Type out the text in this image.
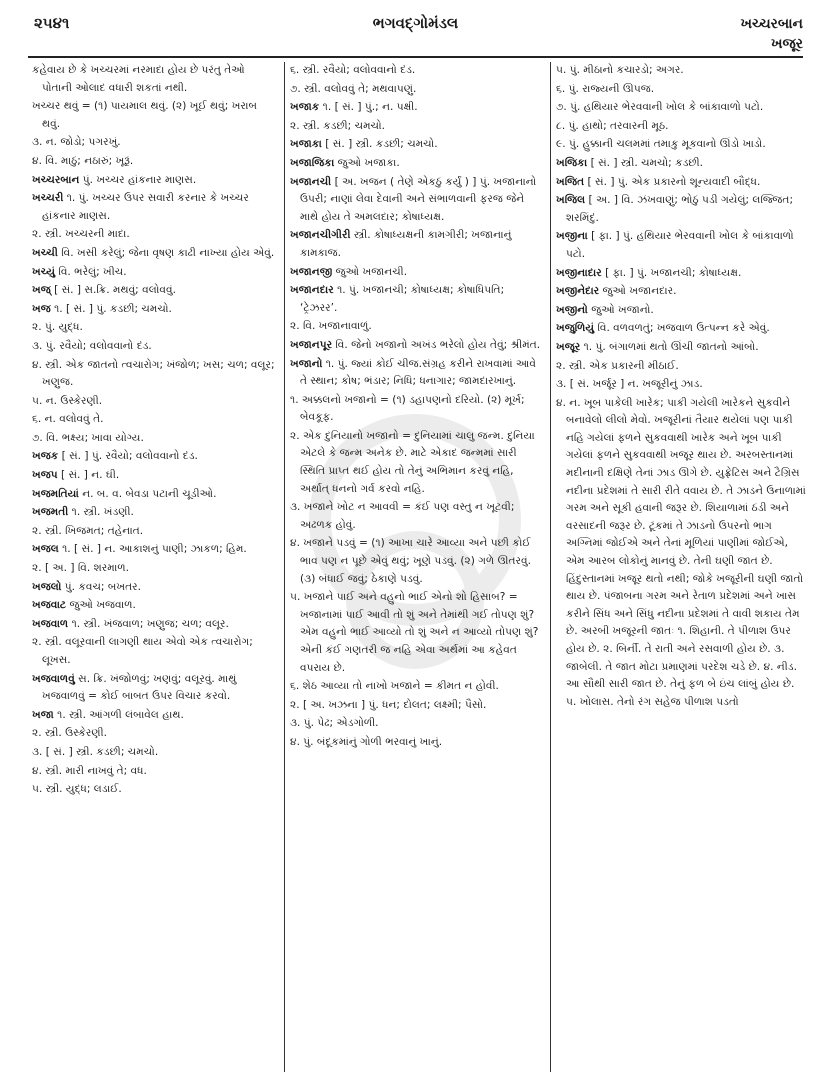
૨૫૪૧	ભગવદ્ગોમંડલ	ખચ્ચરબાન
ખજૂર
કહેવાય છે કે ખચ્ચરમાં નરમાદા હોય છે પરંતુ તેઓ પોતાની ઓલાદ વધારી શકતાં નથી.
ખચ્ચર થવું = (૧) પાયમાલ થવું. (૨) ખૂઈ થવું; ખરાબ થવું.
૩. ન. જોડો; પગરખું.
૪. વિ. માઠું; નઠારું; ખૂરૂં.
ખચ્ચરબાન પું. ખચ્ચર હાંકનાર માણસ.
ખચ્ચરી ૧. પું. ખચ્ચર ઉપર સવારી કરનાર કે ખચ્ચર હાંકનાર માણસ.
૨. સ્ત્રી. ખચ્ચરની માદા.
ખચ્ચી વિ. ખસી કરેલું; જેના વૃષણ કાઢી નાખ્યા હોય એવું.
ખચ્યું વિ. ભરેલું; ખીચ.
ખજ્ [ સં. ] સ.ક્રિ. મથવું; વલોવવું.
ખજ ૧. [ સં. ] પું. કડછી; ચમચો.
૨. પું. યુદ્ધ.
૩. પું. રવૈયો; વલોવવાનો દંડ.
૪. સ્ત્રી. એક જાતનો ત્વચારોગ; ખંજોળ; ખસ; ચળ; વલૂર; ખણુજ.
૫. ન. ઉસ્કેરણી.
૬. ન. વલોવવું તે.
૭. વિ. ભક્ષ્ય; ખાવા યોગ્ય.
ખજક [ સં. ] પું. રવૈયો; વલોવવાનો દંડ.
ખજપ [ સં. ] ન. ઘી.
ખજમતિયાં ન. બ. વ. બેવડા પટાની ચૂડીઓ.
ખજમતી ૧. સ્ત્રી. ખંડણી.
૨. સ્ત્રી. ખિજમત; તહેનાત.
ખજલ ૧. [ સં. ] ન. આકાશનું પાણી; ઝાકળ; હિમ.
૨. [ અ. ] વિ. શરમાળ.
ખજલો પું. કવચ; બખતર.
ખજવાટ જુઓ ખજવાળ.
ખજવાળ ૧. સ્ત્રી. ખંજવાળ; ખણુજ; ચળ; વલૂર.
૨. સ્ત્રી. વલૂરવાની લાગણી થાય એવો એક ત્વચારોગ; લૂખસ.
ખજવાળવું સ. ક્રિ. ખંજોળવું; ખણવું; વલૂરવું. માથું ખજવાળવું = કોઈ બાબત ઉપર વિચાર કરવો.
ખજા ૧. સ્ત્રી. આંગળી લંબાવેલ હાથ.
૨. સ્ત્રી. ઉસ્કેરણી.
૩. [ સં. ] સ્ત્રી. કડછી; ચમચો.
૪. સ્ત્રી. મારી નાખવું તે; વધ.
૫. સ્ત્રી. યુદ્ધ; લડાઈ.
૬. સ્ત્રી. રવૈયો; વલોવવાનો દંડ.
૭. સ્ત્રી. વલોવવું તે; મથવાપણું.
ખજાક ૧. [ સં. ] પું.; ન. પક્ષી.
૨. સ્ત્રી. કડછી; ચમચો.
ખજાકા [ સં. ] સ્ત્રી. કડછી; ચમચો.
ખજાજિકા જુઓ ખજાકા.
ખજાનચી [ અ. ખજન ( તેણે એકઠું કર્યું ) ] પું. ખજાનાનો ઉપરી; નાણાં લેવા દેવાની અને સંભાળવાની ફરજ જેને માથે હોય તે અમલદાર; કોષાધ્યક્ષ.
ખજાનચીગીરી સ્ત્રી. કોષાધ્યક્ષની કામગીરી; ખજાનાનું કામકાજ.
ખજાનજી જુઓ ખજાનચી.
ખજાનદાર ૧. પું. ખજાનચી; કોષાધ્યક્ષ; કોષાધિપતિ; ‘ટ્રેઝરર’.
૨. વિ. ખજાનાવાળું.
ખજાનપૂર વિ. જેનો ખજાનો અખંડ ભરેલો હોય તેવું; શ્રીમંત.
ખજાનો ૧. પું. જ્યાં કોઈ ચીજ.સંગ્રહ કરીને રાખવામાં આવે તે સ્થાન; કોષ; ભંડાર; નિધિ; ધનાગાર; જામદારખાનું.
૧. અક્કલનો ખજાનો = (૧) ડહાપણનો દરિયો. (૨) મૂર્ખ; બેવકૂફ.
૨. એક દુનિયાનો ખજાનો = દુનિયામાં ચાલુ જન્મ. દુનિયા એટલે કે જન્મ અનેક છે. માટે એકાદ જન્મમાં સારી સ્થિતિ પ્રાપ્ત થઈ હોય તો તેનું અભિમાન કરવું નહિ, અર્થાત્ ધનનો ગર્વ કરવો નહિ.
૩. ખજાને ખોટ ન આવવી = કંઈ પણ વસ્તુ ન ખૂટવી; અઢળક હોવું.
૪. ખજાને પડવું = (૧) આખા ચારે આવ્યા અને પછી કોઈ ભાવ પણ ન પૂછે એવું થવું; ખૂણે પડવું. (૨) ગળે ઊતરવું. (૩) બંધાઈ જવું; ઠેકાણે પડવું.
૫. ખજાને પાઈ અને વહુનો ભાઈ એનો શો હિસાબ? = ખજાનામાં પાઈ આવી તો શું અને તેમાંથી ગઈ તોપણ શું? એમ વહુનો ભાઈ આવ્યો તો શું અને ન આવ્યો તોપણ શું? એની કંઈ ગણતરી જ નહિ એવા અર્થમાં આ કહેવત વપરાય છે.
૬. શેઠ આવ્યા તો નાખો ખજાને = કીમત ન હોવી.
૨. [ અ. ખઝના ] પું. ધન; દોલત; લક્ષ્મી; પૈસો.
૩. પું. પેઢ; એડગોળી.
૪. પું. બંદૂકમાંનું ગોળી ભરવાનું ખાનું.
૫. પું. મીઠાનો કચારડો; અગર.
૬. પું. રાજ્યની ઊપજ.
૭. પું. હથિયાર ભેરવવાની ખોલ કે બાંકાવાળો પટો.
૮. પું. હાથો; તરવારની મૂઠ.
૯. પું. હુક્કાની ચલમમાં તમાકુ મૂકવાનો ઊંડો ખાડો.
ખજિકા [ સં. ] સ્ત્રી. ચમચો; કડછી.
ખજિત [ સં. ] પું. એક પ્રકારનો શૂન્યવાદી બૌદ્ધ.
ખજિલ [ અ. ] વિ. ઝંખવાણું; ભોઠું પડી ગયેલું; લજ્જિત; શરમિંદું.
ખજીના [ ફા. ] પું. હથિયાર ભેરવવાની ખોલ કે બાંકાવાળો પટો.
ખજીનાદાર [ ફા. ] પું. ખજાનચી; કોષાધ્યક્ષ.
ખજીનેદાર જુઓ ખજાનદાર.
ખજીનો જુઓ ખજાનો.
ખજુળિયું વિ. વળવળતું; ખજવાળ ઉત્પન્ન કરે એવું.
ખજૂર ૧. પું. બંગાળમાં થતો ઊંચી જાતનો આંબો.
૨. સ્ત્રી. એક પ્રકારની મીઠાઈ.
૩. [ સં. ખર્જૂર ] ન. ખજૂરીનું ઝાડ.
૪. ન. ખૂબ પાકેલી ખારેક; પાકી ગયેલી ખારેકને સુકવીને બનાવેલો લીલો મેવો. ખજૂરીનાં તૈયાર થયેલાં પણ પાકી નહિ ગયેલાં ફળને સુકવવાથી ખારેક અને ખૂબ પાકી ગયેલાં ફળને સુકવવાથી ખજૂર થાય છે. અરબસ્તાનમાં મદીનાની દક્ષિણે તેનાં ઝાડ ઊગે છે. યુફ્રેટિસ અને ટૈગ્રિસ નદીના પ્રદેશમાં તે સારી રીતે વવાય છે. તે ઝાડને ઉનાળામાં ગરમ અને સૂકી હવાની જરૂર છે. શિયાળામાં ઠંડી અને વરસાદની જરૂર છે. ટૂંકમાં તે ઝાડનો ઉપરનો ભાગ અગ્નિમાં જોઈએ અને તેનાં મૂળિયાં પાણીમાં જોઈએ, એમ આરબ લોકોનું માનવું છે. તેની ઘણી જાત છે. હિંદુસ્તાનમાં ખજૂર થતો નથી; જોકે ખજૂરીની ઘણી જાતો થાય છે. પંજાબના ગરમ અને રેતાળ પ્રદેશમાં અને ખાસ કરીને સિંધ અને સિંધુ નદીના પ્રદેશમાં તે વાવી શકાય તેમ છે. અરબી ખજૂરની જાતઃ ૧. શિહાની. તે પીળાશ ઉપર હોય છે. ૨. બિર્ની. તે રાતી અને રસવાળી હોય છે. ૩. જાબેલી. તે જાત મોટા પ્રમાણમાં પરદેશ ચડે છે. ૪. નીડ. આ સૌથી સારી જાત છે. તેનું ફળ બે ઇંચ લાંબું હોય છે. ૫. ખોલાસ. તેનો રંગ સહેજ પીળાશ પડતો
